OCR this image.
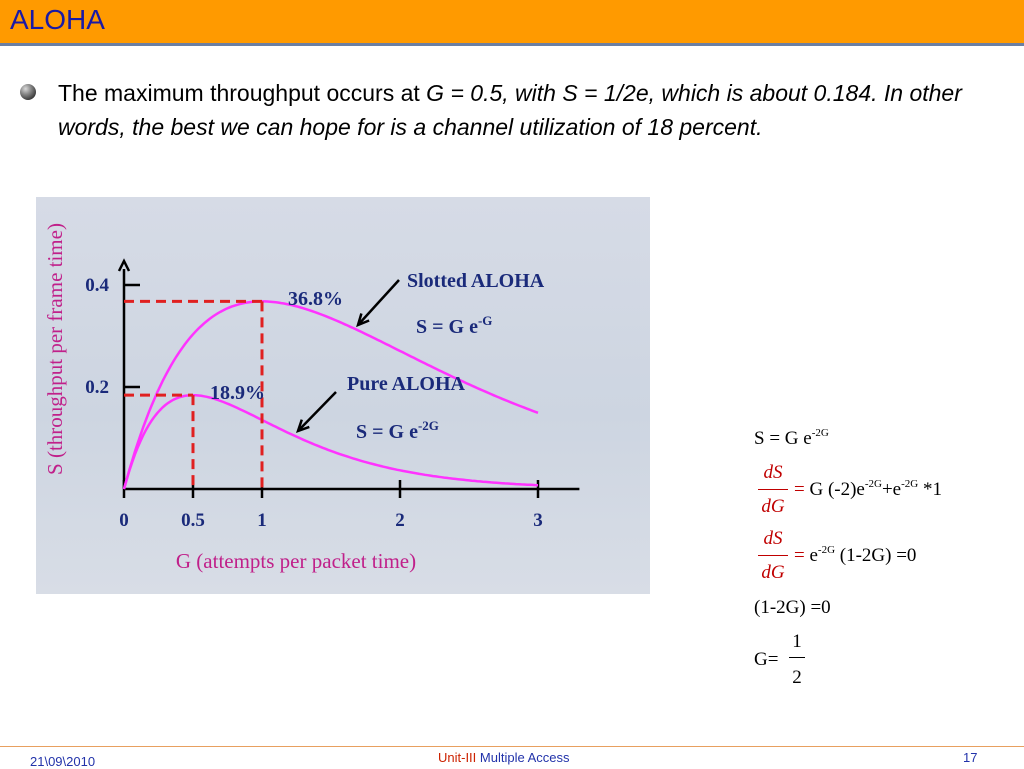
ALOHA
The maximum throughput occurs at G = 0.5, with S = 1/2e, which is about 0.184. In other words, the best we can hope for is a channel utilization of 18 percent.
0	0.5	1	2	3
0.2
0.4
G (attempts per packet time)
S (throughput per frame time)	36.8%
18.9%
Slotted ALOHA
S = G $e^{-G}$
Pure ALOHA
S = G $e^{-2G}$
S = G $e^{-2G}$
dS
dG
= G $(-2)e^{-2G}+e^{-2G}$ *1
dS
dG
= $e^{-2G}$ (1-2G) =0
(1-2G) =0
G=
1
2
21\09\2010	Unit-III Multiple Access	17
